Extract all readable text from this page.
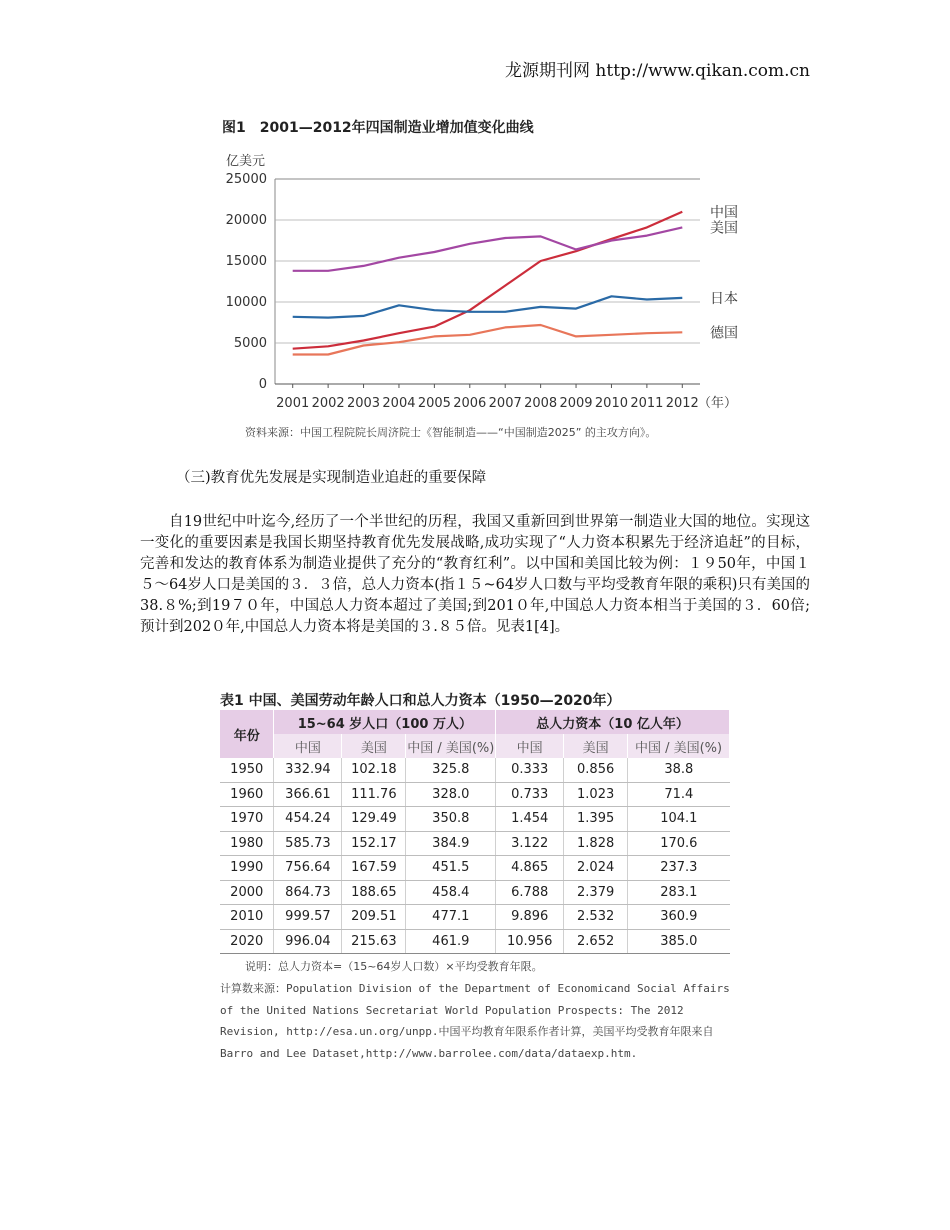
龙源期刊网 http://www.qikan.com.cn
图1　2001—2012年四国制造业增加值变化曲线
亿美元
0
5000
10000
15000
20000
25000
2001 2002 2003 2004 2005 2006 2007 2008 2009 2010 2011 2012 （年）
中国
美国
日本
德国
资料来源：中国工程院院长周济院士《智能制造——“中国制造2025” 的主攻方向》。
（三)教育优先发展是实现制造业追赶的重要保障

自19世纪中叶迄今,经历了一个半世纪的历程，我国又重新回到世界第一制造业大国的地位。实现这一变化的重要因素是我国长期坚持教育优先发展战略,成功实现了“人力资本积累先于经济追赶”的目标，完善和发达的教育体系为制造业提供了充分的“教育红利”。以中国和美国比较为例：１９50年，中国１５～64岁人口是美国的３．３倍，总人力资本(指１５~64岁人口数与平均受教育年限的乘积)只有美国的38.８%;到19７０年，中国总人力资本超过了美国;到201０年,中国总人力资本相当于美国的３．60倍;预计到202０年,中国总人力资本将是美国的３.８５倍。见表1[4]。

表1 中国、美国劳动年龄人口和总人力资本（1950—2020年）
年份	15~64 岁人口（100 万人）			总人力资本（10 亿人年）		
	中国	美国	中国 / 美国(%)	中国	美国	中国 / 美国(%)
1950	332.94	102.18	325.8	0.333	0.856	38.8
1960	366.61	111.76	328.0	0.733	1.023	71.4
1970	454.24	129.49	350.8	1.454	1.395	104.1
1980	585.73	152.17	384.9	3.122	1.828	170.6
1990	756.64	167.59	451.5	4.865	2.024	237.3
2000	864.73	188.65	458.4	6.788	2.379	283.1
2010	999.57	209.51	477.1	9.896	2.532	360.9
2020	996.04	215.63	461.9	10.956	2.652	385.0
说明：总人力资本=（15~64岁人口数）×平均受教育年限。
计算数来源：Population Division of the Department of Economicand Social Affairs of the United Nations Secretariat World Population Prospects: The 2012 Revision, http://esa.un.org/unpp.中国平均教育年限系作者计算，美国平均受教育年限来自Barro and Lee Dataset,http://www.barrolee.com/data/dataexp.htm.
